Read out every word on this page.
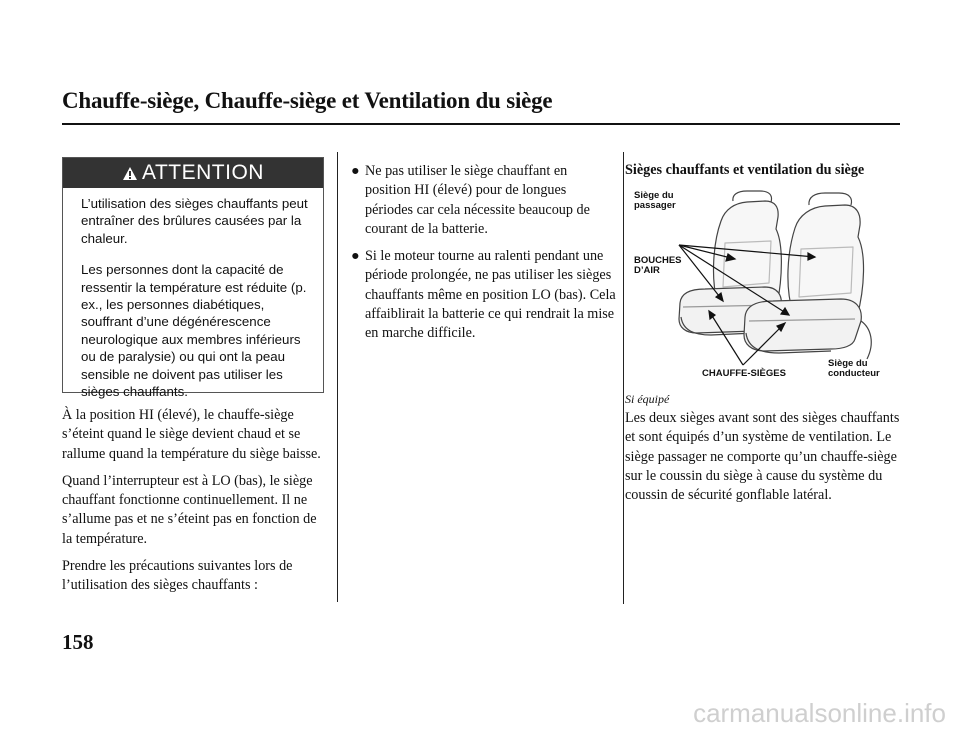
Chauffe-siège, Chauffe-siège et Ventilation du siège
ATTENTION

L’utilisation des sièges chauffants peut entraîner des brûlures causées par la chaleur.

Les personnes dont la capacité de ressentir la température est réduite (p. ex., les personnes diabétiques, souffrant d’une dégénérescence neurologique aux membres inférieurs ou de paralysie) ou qui ont la peau sensible ne doivent pas utiliser les sièges chauffants.

À la position HI (élevé), le chauffe-siège s’éteint quand le siège devient chaud et se rallume quand la température du siège baisse.

Quand l’interrupteur est à LO (bas), le siège chauffant fonctionne continuellement. Il ne s’allume pas et ne s’éteint pas en fonction de la température.

Prendre les précautions suivantes lors de l’utilisation des sièges chauffants :

● Ne pas utiliser le siège chauffant en position HI (élevé) pour de longues périodes car cela nécessite beaucoup de courant de la batterie.
● Si le moteur tourne au ralenti pendant une période prolongée, ne pas utiliser les sièges chauffants même en position LO (bas). Cela affaiblirait la batterie ce qui rendrait la mise en marche difficile.
Sièges chauffants et ventilation du siège
Siège du passager
BOUCHES D’AIR
CHAUFFE-SIÈGES
Siège du conducteur
Si équipé

Les deux sièges avant sont des sièges chauffants et sont équipés d’un système de ventilation. Le siège passager ne comporte qu’un chauffe-siège sur le coussin du siège à cause du système du coussin de sécurité gonflable latéral.

158
carmanualsonline.info
